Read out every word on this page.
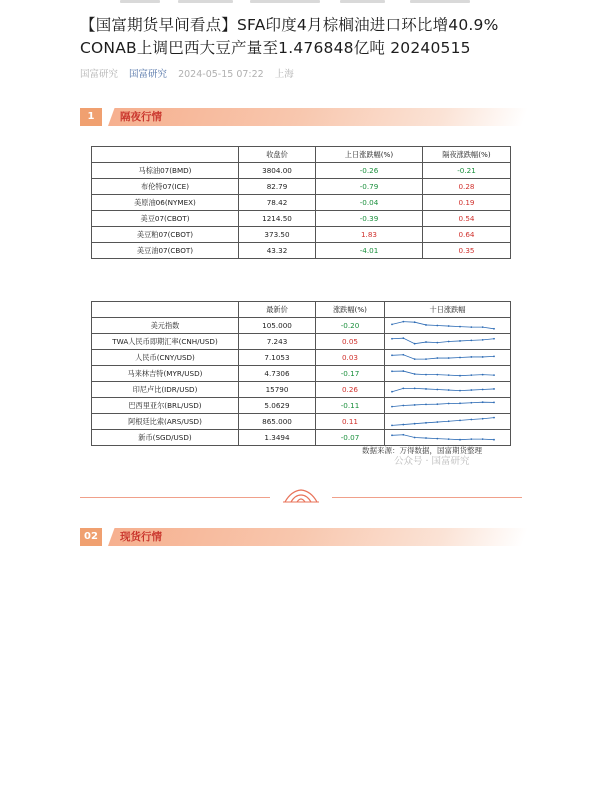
【国富期货早间看点】SFA印度4月棕榈油进口环比增40.9% CONAB上调巴西大豆产量至1.476848亿吨 20240515
国富研究 国富研究 2024-05-15 07:22 上海
1	隔夜行情
	收盘价	上日涨跌幅(%)	隔夜涨跌幅(%)
马棕油07(BMD)	3804.00	-0.26	-0.21
布伦特07(ICE)	82.79	-0.79	0.28
美原油06(NYMEX)	78.42	-0.04	0.19
美豆07(CBOT)	1214.50	-0.39	0.54
美豆粕07(CBOT)	373.50	1.83	0.64
美豆油07(CBOT)	43.32	-4.01	0.35
	最新价	涨跌幅(%)	十日涨跌幅
美元指数	105.000	-0.20	

TWA人民币即期汇率(CNH/USD)	7.243	0.05	

人民币(CNY/USD)	7.1053	0.03	

马来林吉特(MYR/USD)	4.7306	-0.17	

印尼卢比(IDR/USD)	15790	0.26	

巴西里亚尔(BRL/USD)	5.0629	-0.11	

阿根廷比索(ARS/USD)	865.000	0.11	

新币(SGD/USD)	1.3494	-0.07	
数据来源：万得数据，国富期货整理
公众号 · 国富研究
02	现货行情
